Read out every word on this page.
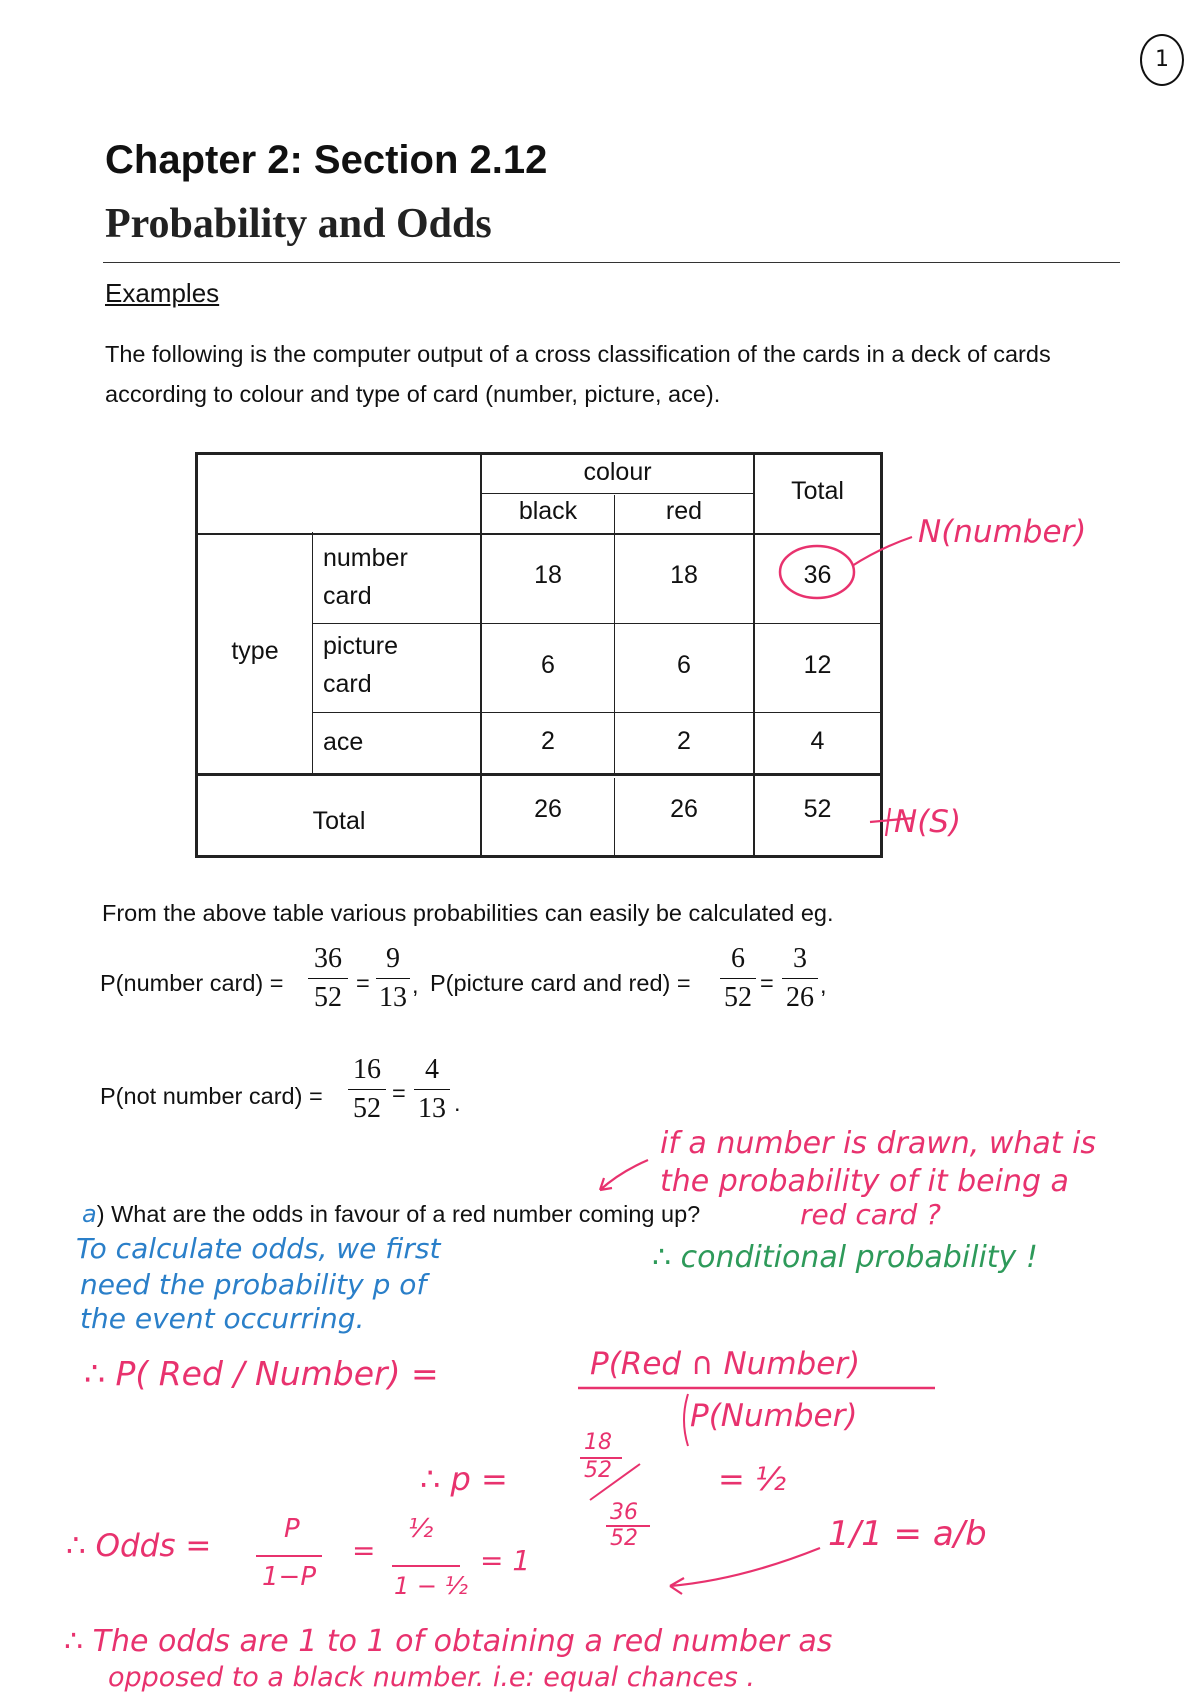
1
Chapter 2: Section 2.12
Probability and Odds
Examples
The following is the computer output of a cross classification of the cards in a deck of cards according to colour and type of card (number, picture, ace).
colour
black	red
Total
type
number
card
18	18	36
picture
card
6	6	12
ace	2	2	4
Total	26	26	52
N(number)
N(S)
From the above table various probabilities can easily be calculated eg.
P(number card) =
36
52 =
9
13 , P(picture card and red) =
6
52 =
3
26 ,
P(not number card) =
16
52 =
4
13 .
if a number is drawn, what is
the probability of it being a
a) What are the odds in favour of a red number coming up?	red card ?
∴ conditional probability !
To calculate odds, we first
need the probability p of
the event occurring.
∴ P( Red / Number) =	P(Red ∩ Number)
P(Number)
∴ p =
18
52
36
52
= ½
∴ Odds =	P
1−P
=
½
1 − ½
= 1
1/1 = a/b
∴ The odds are 1 to 1 of obtaining a red number as
opposed to a black number. i.e: equal chances .
